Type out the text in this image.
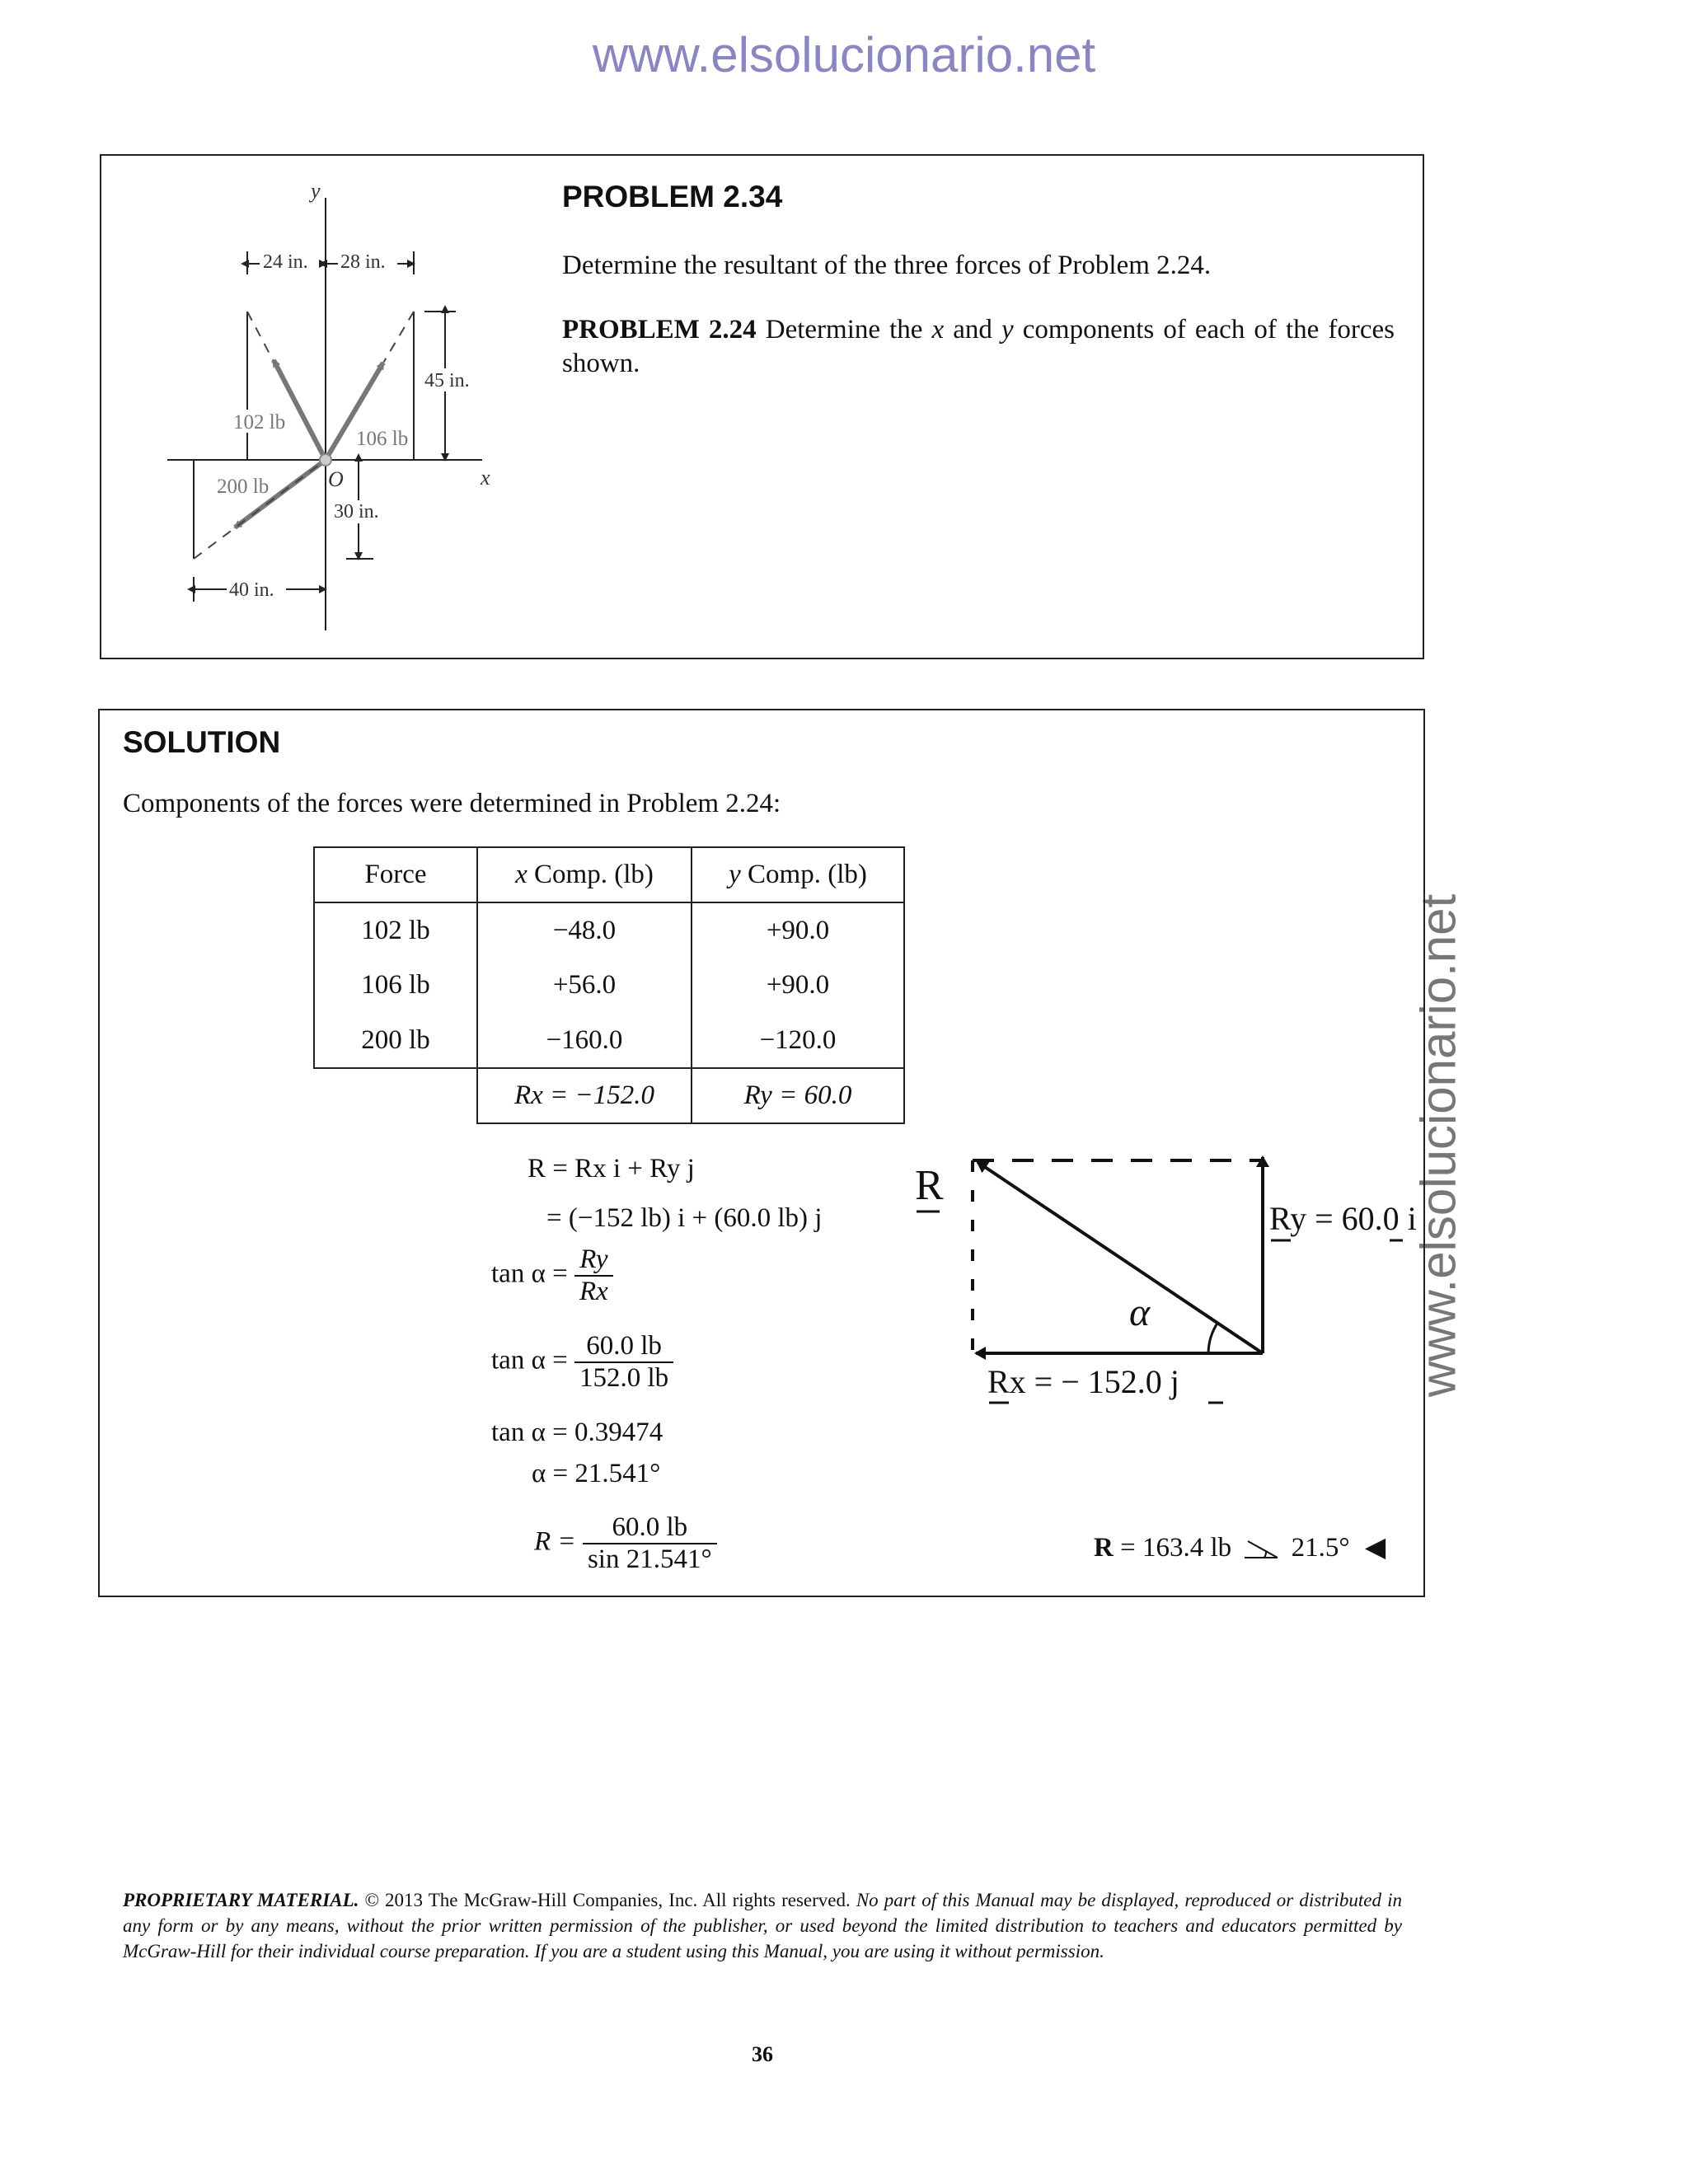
www.elsolucionario.net
www.elsolucionario.net
y
x
24 in. 28 in.
45 in.
102 lb
106 lb
200 lb	O
30 in.
40 in.
PROBLEM 2.34
Determine the resultant of the three forces of Problem 2.24.
PROBLEM 2.24 Determine the x and y components of each of the forces shown.
SOLUTION
Components of the forces were determined in Problem 2.24:
Force	x Comp. (lb)	y Comp. (lb)
102 lb	−48.0	+90.0
106 lb	+56.0	+90.0
200 lb	−160.0	−120.0
	Rx = −152.0	Ry = 60.0
R = Rx i + Ry j
= (−152 lb) i + (60.0 lb) j
$\tan \alpha = \frac{Ry}{Rx}$
$\tan \alpha = \frac{60.0 lb}{152.0 lb}$
tan α = 0.39474
α = 21.541°
$R = \frac{60.0 lb}{\sin 21.541^\circ}$
α
R
Ry = 60.0 i
Rx = − 152.0 j
R = 163.4 lb 21.5° ◀
PROPRIETARY MATERIAL. © 2013 The McGraw-Hill Companies, Inc. All rights reserved. No part of this Manual may be displayed, reproduced or distributed in any form or by any means, without the prior written permission of the publisher, or used beyond the limited distribution to teachers and educators permitted by McGraw-Hill for their individual course preparation. If you are a student using this Manual, you are using it without permission.
36
